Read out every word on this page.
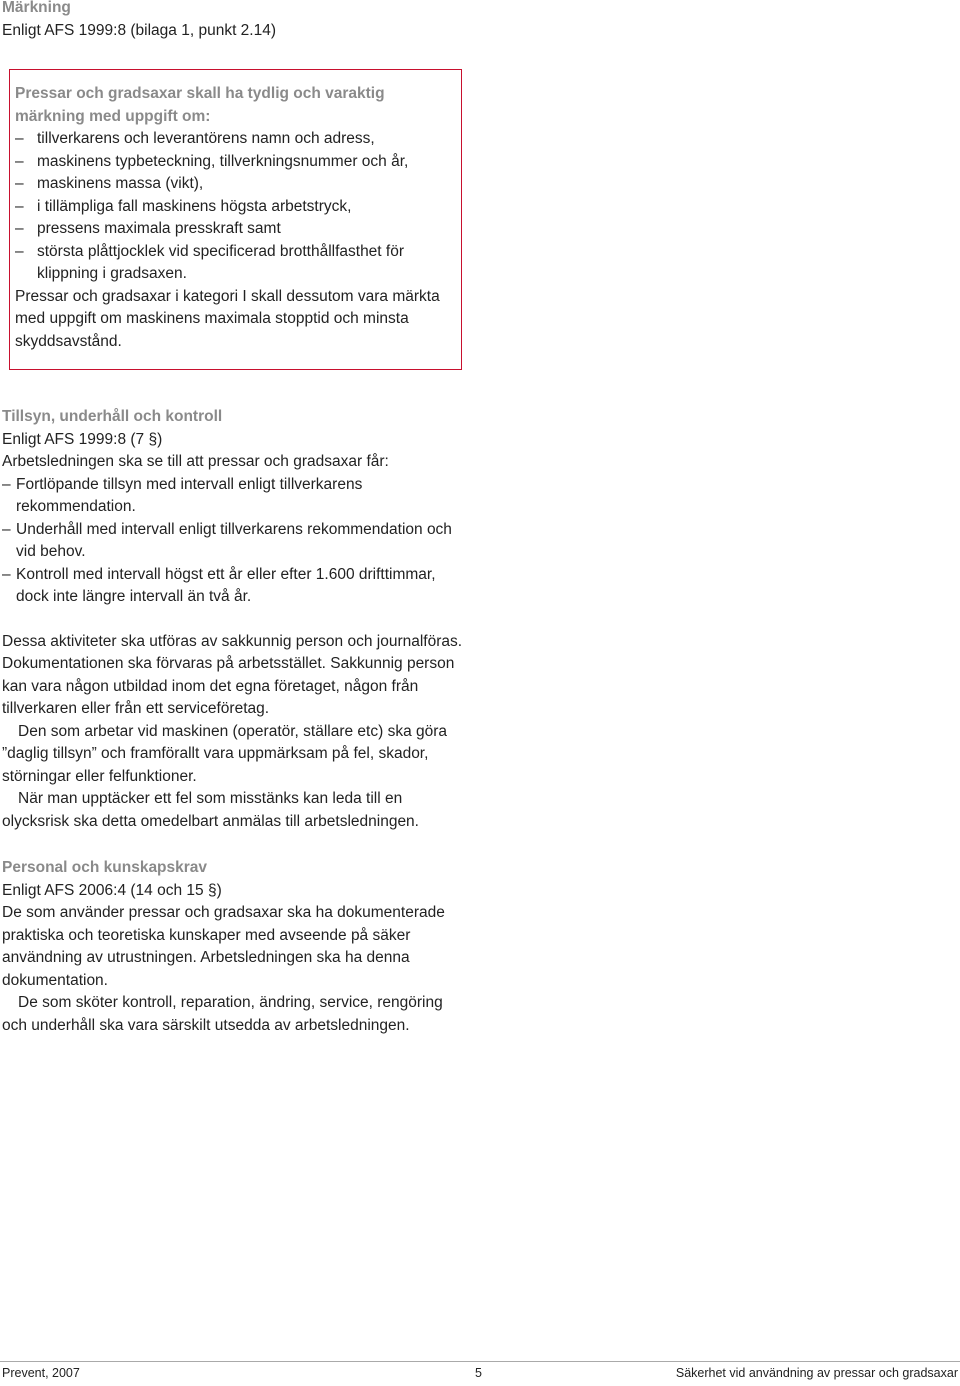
Märkning
Enligt AFS 1999:8 (bilaga 1, punkt 2.14)
Pressar och gradsaxar skall ha tydlig och varaktig märkning med uppgift om:
– tillverkarens och leverantörens namn och adress,
– maskinens typbeteckning, tillverkningsnummer och år,
– maskinens massa (vikt),
– i tillämpliga fall maskinens högsta arbetstryck,
– pressens maximala presskraft samt
– största plåttjocklek vid specificerad brotthållfasthet för klippning i gradsaxen.

Pressar och gradsaxar i kategori I skall dessutom vara märkta med uppgift om maskinens maximala stopptid och minsta skyddsavstånd.

Tillsyn, underhåll och kontroll
Enligt AFS 1999:8 (7 §)
Arbetsledningen ska se till att pressar och gradsaxar får:
– Fortlöpande tillsyn med intervall enligt tillverkarens rekommendation.
– Underhåll med intervall enligt tillverkarens rekommendation och vid behov.
– Kontroll med intervall högst ett år eller efter 1.600 drifttimmar, dock inte längre intervall än två år.

Dessa aktiviteter ska utföras av sakkunnig person och journalföras. Dokumentationen ska förvaras på arbetsstället. Sakkunnig person kan vara någon utbildad inom det egna företaget, någon från tillverkaren eller från ett serviceföretag.

Den som arbetar vid maskinen (operatör, ställare etc) ska göra ”daglig tillsyn” och framförallt vara uppmärksam på fel, skador, störningar eller felfunktioner.

När man upptäcker ett fel som misstänks kan leda till en olycksrisk ska detta omedelbart anmälas till arbetsledningen.

Personal och kunskapskrav
Enligt AFS 2006:4 (14 och 15 §)

De som använder pressar och gradsaxar ska ha dokumenterade praktiska och teoretiska kunskaper med avseende på säker användning av utrustningen. Arbetsledningen ska ha denna dokumentation.

De som sköter kontroll, reparation, ändring, service, rengöring och underhåll ska vara särskilt utsedda av arbetsledningen.

Prevent, 2007	5	Säkerhet vid användning av pressar och gradsaxar
